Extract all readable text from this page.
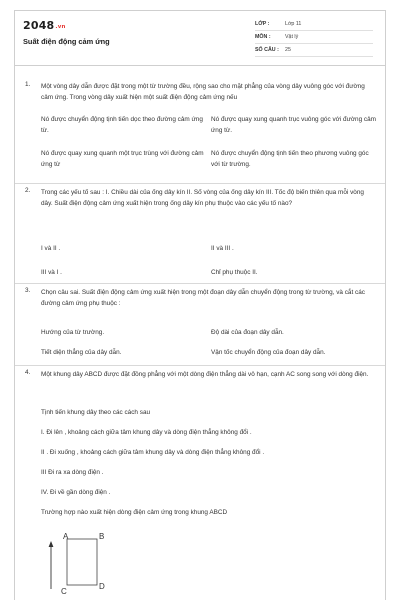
2048.vn
Suất điện động cảm ứng
LỚP :	Lớp 11
MÔN :	Vật lý
SỐ CÂU : 25
1. Một vòng dây dẫn được đặt trong một từ trường đều, rộng sao cho mặt phẳng của vòng dây vuông góc với đường cảm ứng. Trong vòng dây xuất hiện một suất điện động cảm ứng nếu
Nó được chuyển động tịnh tiến dọc theo đường cảm ứng từ.
Nó được quay xung quanh trục vuông góc với đường cảm ứng từ.
Nó được quay xung quanh một trục trùng với đường cảm ứng từ
Nó được chuyển động tịnh tiến theo phương vuông góc với từ trường.
2. Trong các yếu tố sau : I. Chiều dài của ống dây kín II. Số vòng của ống dây kín III. Tốc độ biến thiên qua mỗi vòng dây. Suất điện động cảm ứng xuất hiện trong ống dây kín phụ thuộc vào các yếu tố nào?
I và II .	II và III .
III và I .	Chỉ phụ thuộc II.
3. Chọn câu sai. Suất điện động cảm ứng xuất hiện trong một đoạn dây dẫn chuyển động trong từ trường, và cắt các đường cảm ứng phụ thuộc :
Hướng của từ trường.	Độ dài của đoạn dây dẫn.
Tiết diện thẳng của dây dẫn.	Vận tốc chuyển động của đoạn dây dẫn.
4. Một khung dây ABCD được đặt đồng phẳng với một dòng điện thẳng dài vô hạn, cạnh AC song song với dòng điện.
Tịnh tiến khung dây theo các cách sau
I. Đi lên , khoảng cách giữa tâm khung dây và dòng điện thẳng không đổi .
II . Đi xuống , khoảng cách giữa tâm khung dây và dòng điện thẳng không đổi .
III Đi ra xa dòng điện .
IV. Đi về gần dòng điện .
Trường hợp nào xuất hiện dòng điện cảm ứng trong khung ABCD
A	B
C
D
